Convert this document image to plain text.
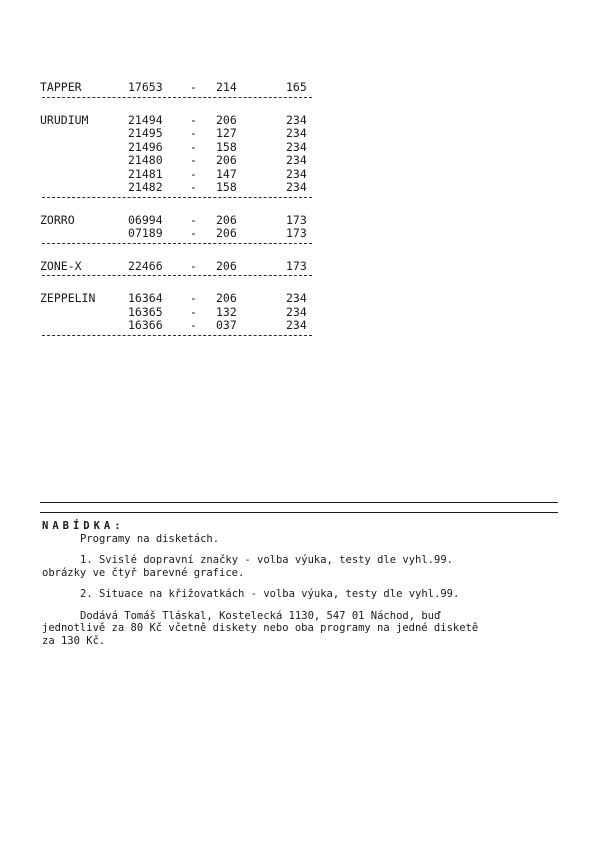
TAPPER	17653 - 214	165
URUDIUM	21494 - 206	234
21495 - 127	234
21496 - 158	234
21480 - 206	234
21481 - 147	234
21482 - 158	234
ZORRO	06994 - 206	173
07189 - 206	173
ZONE-X	22466 - 206	173
ZEPPELIN	16364 - 206	234
16365 - 132	234
16366 - 037	234

NABÍDKA:

Programy na disketách.

1. Svislé dopravní značky - volba výuka, testy dle vyhl.99.

obrázky ve čtyř barevné grafice.

2. Situace na křižovatkách - volba výuka, testy dle vyhl.99.

Dodává Tomáš Tláskal, Kostelecká 1130, 547 01 Náchod, buď

jednotlivě za 80 Kč včetně diskety nebo oba programy na jedné disketě

za 130 Kč.
